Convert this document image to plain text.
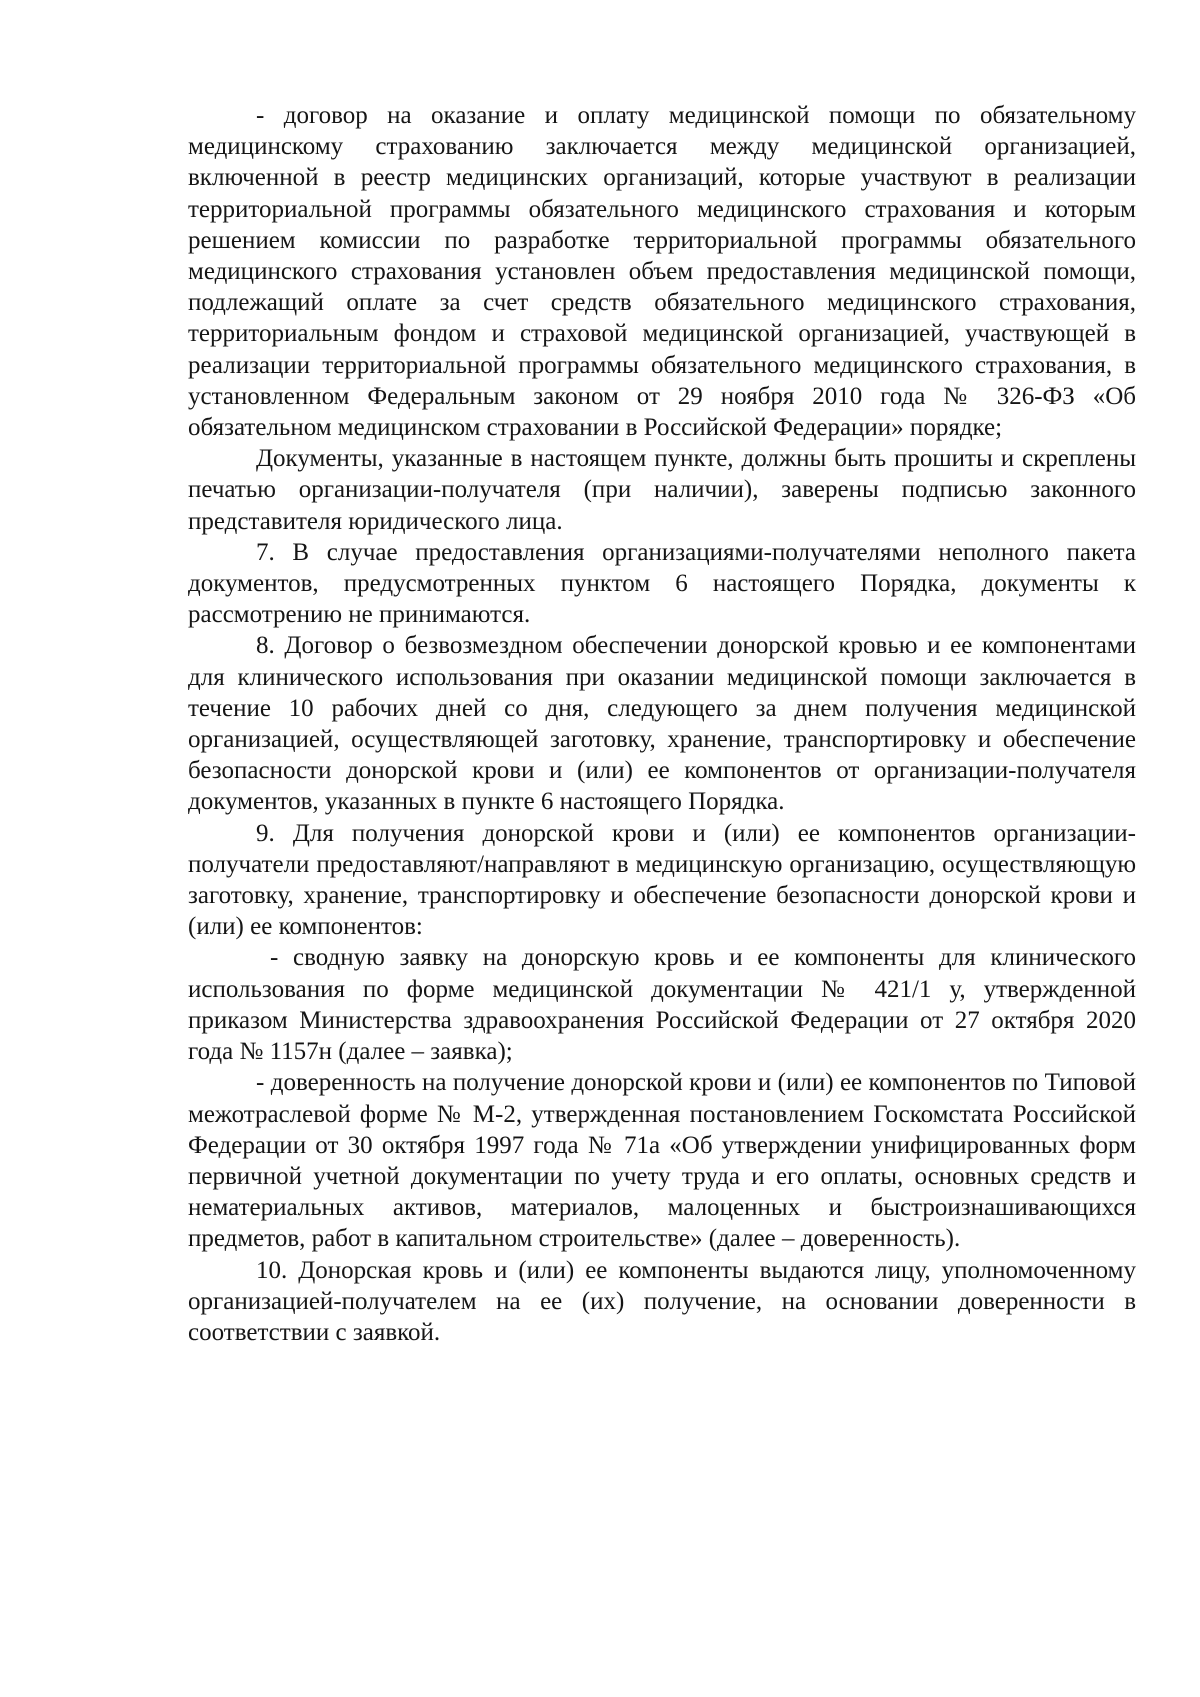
- договор на оказание и оплату медицинской помощи по обязательному медицинскому страхованию заключается между медицинской организацией, включенной в реестр медицинских организаций, которые участвуют в реализации территориальной программы обязательного медицинского страхования и которым решением комиссии по разработке территориальной программы обязательного медицинского страхования установлен объем предоставления медицинской помощи, подлежащий оплате за счет средств обязательного медицинского страхования, территориальным фондом и страховой медицинской организацией, участвующей в реализации территориальной программы обязательного медицинского страхования, в установленном Федеральным законом от 29 ноября 2010 года № 326-ФЗ «Об обязательном медицинском страховании в Российской Федерации» порядке;

Документы, указанные в настоящем пункте, должны быть прошиты и скреплены печатью организации-получателя (при наличии), заверены подписью законного представителя юридического лица.

7. В случае предоставления организациями-получателями неполного пакета документов, предусмотренных пунктом 6 настоящего Порядка, документы к рассмотрению не принимаются.

8. Договор о безвозмездном обеспечении донорской кровью и ее компонентами для клинического использования при оказании медицинской помощи заключается в течение 10 рабочих дней со дня, следующего за днем получения медицинской организацией, осуществляющей заготовку, хранение, транспортировку и обеспечение безопасности донорской крови и (или) ее компонентов от организации-получателя документов, указанных в пункте 6 настоящего Порядка.

9. Для получения донорской крови и (или) ее компонентов организации-получатели предоставляют/направляют в медицинскую организацию, осуществляющую заготовку, хранение, транспортировку и обеспечение безопасности донорской крови и (или) ее компонентов:

- сводную заявку на донорскую кровь и ее компоненты для клинического использования по форме медицинской документации № 421/1 у, утвержденной приказом Министерства здравоохранения Российской Федерации от 27 октября 2020 года № 1157н (далее – заявка);

- доверенность на получение донорской крови и (или) ее компонентов по Типовой межотраслевой форме № М-2, утвержденная постановлением Госкомстата Российской Федерации от 30 октября 1997 года № 71а «Об утверждении унифицированных форм первичной учетной документации по учету труда и его оплаты, основных средств и нематериальных активов, материалов, малоценных и быстроизнашивающихся предметов, работ в капитальном строительстве» (далее – доверенность).

10. Донорская кровь и (или) ее компоненты выдаются лицу, уполномоченному организацией-получателем на ее (их) получение, на основании доверенности в соответствии с заявкой.
